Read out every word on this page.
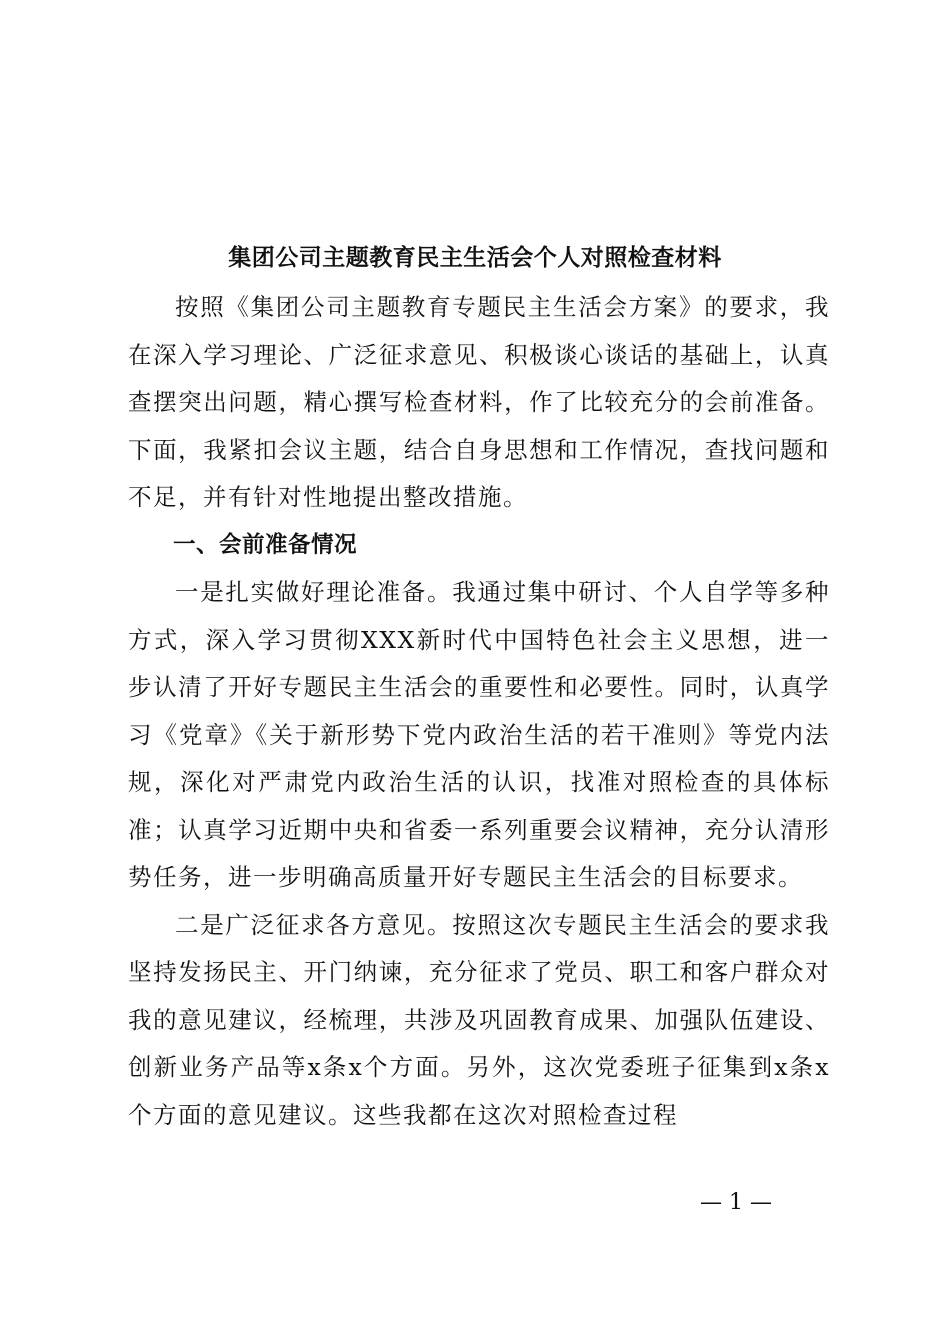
集团公司主题教育民主生活会个人对照检查材料

按照《集团公司主题教育专题民主生活会方案》的要求，我在深入学习理论、广泛征求意见、积极谈心谈话的基础上，认真查摆突出问题，精心撰写检查材料，作了比较充分的会前准备。下面，我紧扣会议主题，结合自身思想和工作情况，查找问题和不足，并有针对性地提出整改措施。

一、会前准备情况

一是扎实做好理论准备。我通过集中研讨、个人自学等多种方式，深入学习贯彻XXX新时代中国特色社会主义思想，进一步认清了开好专题民主生活会的重要性和必要性。同时，认真学习《党章》《关于新形势下党内政治生活的若干准则》等党内法规，深化对严肃党内政治生活的认识，找准对照检查的具体标准；认真学习近期中央和省委一系列重要会议精神，充分认清形势任务，进一步明确高质量开好专题民主生活会的目标要求。

二是广泛征求各方意见。按照这次专题民主生活会的要求我坚持发扬民主、开门纳谏，充分征求了党员、职工和客户群众对我的意见建议，经梳理，共涉及巩固教育成果、加强队伍建设、创新业务产品等x条x个方面。另外，这次党委班子征集到x条x个方面的意见建议。这些我都在这次对照检查过程

— 1 —
